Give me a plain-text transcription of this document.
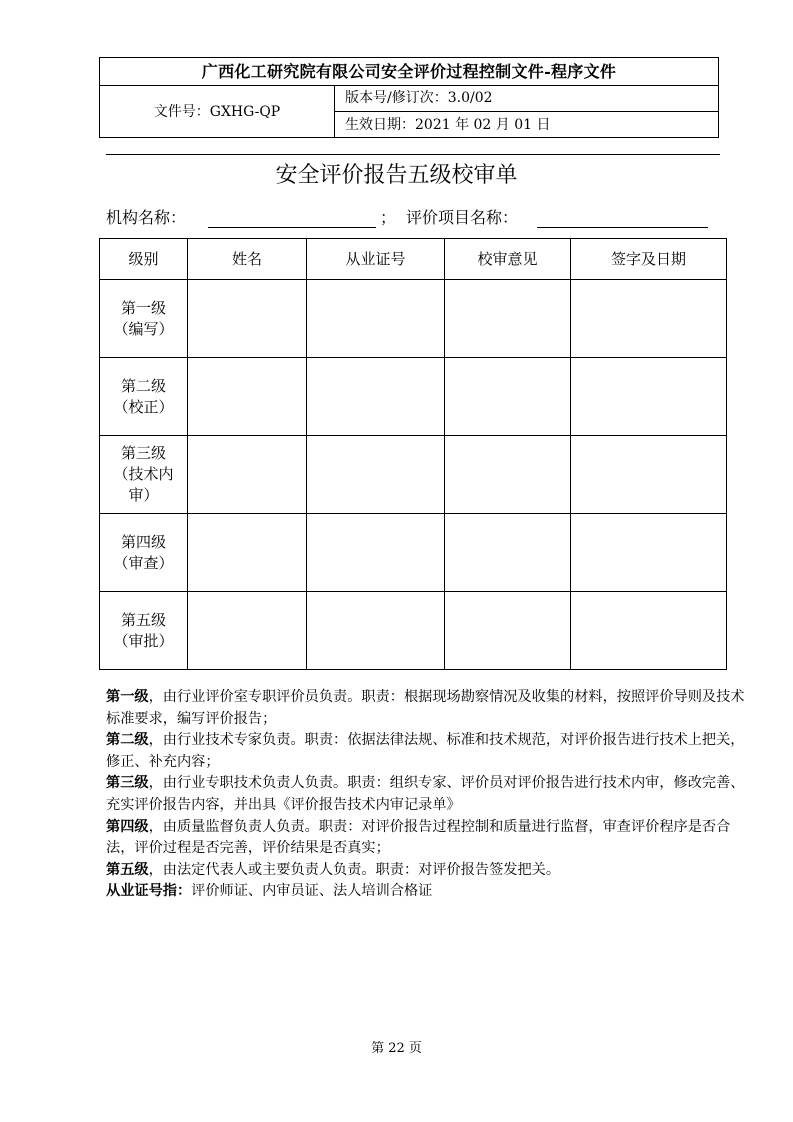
广西化工研究院有限公司安全评价过程控制文件-程序文件
文件号：GXHG-QP
版本号/修订次：3.0/02
生效日期：2021 年 02 月 01 日
安全评价报告五级校审单
机构名称：	； 评价项目名称：
级别	姓名	从业证号	校审意见	签字及日期

第一级
（编写）				

第二级
（校正）				

第三级
（技术内
审）				

第四级
（审查）				

第五级
（审批）				

第一级，由行业评价室专职评价员负责。职责：根据现场勘察情况及收集的材料，按照评价导则及技术标准要求，编写评价报告；

第二级，由行业技术专家负责。职责：依据法律法规、标准和技术规范，对评价报告进行技术上把关，修正、补充内容；

第三级，由行业专职技术负责人负责。职责：组织专家、评价员对评价报告进行技术内审，修改完善、充实评价报告内容，并出具《评价报告技术内审记录单》

第四级，由质量监督负责人负责。职责：对评价报告过程控制和质量进行监督，审查评价程序是否合法，评价过程是否完善，评价结果是否真实；

第五级，由法定代表人或主要负责人负责。职责：对评价报告签发把关。

从业证号指：评价师证、内审员证、法人培训合格证

第 22 页
